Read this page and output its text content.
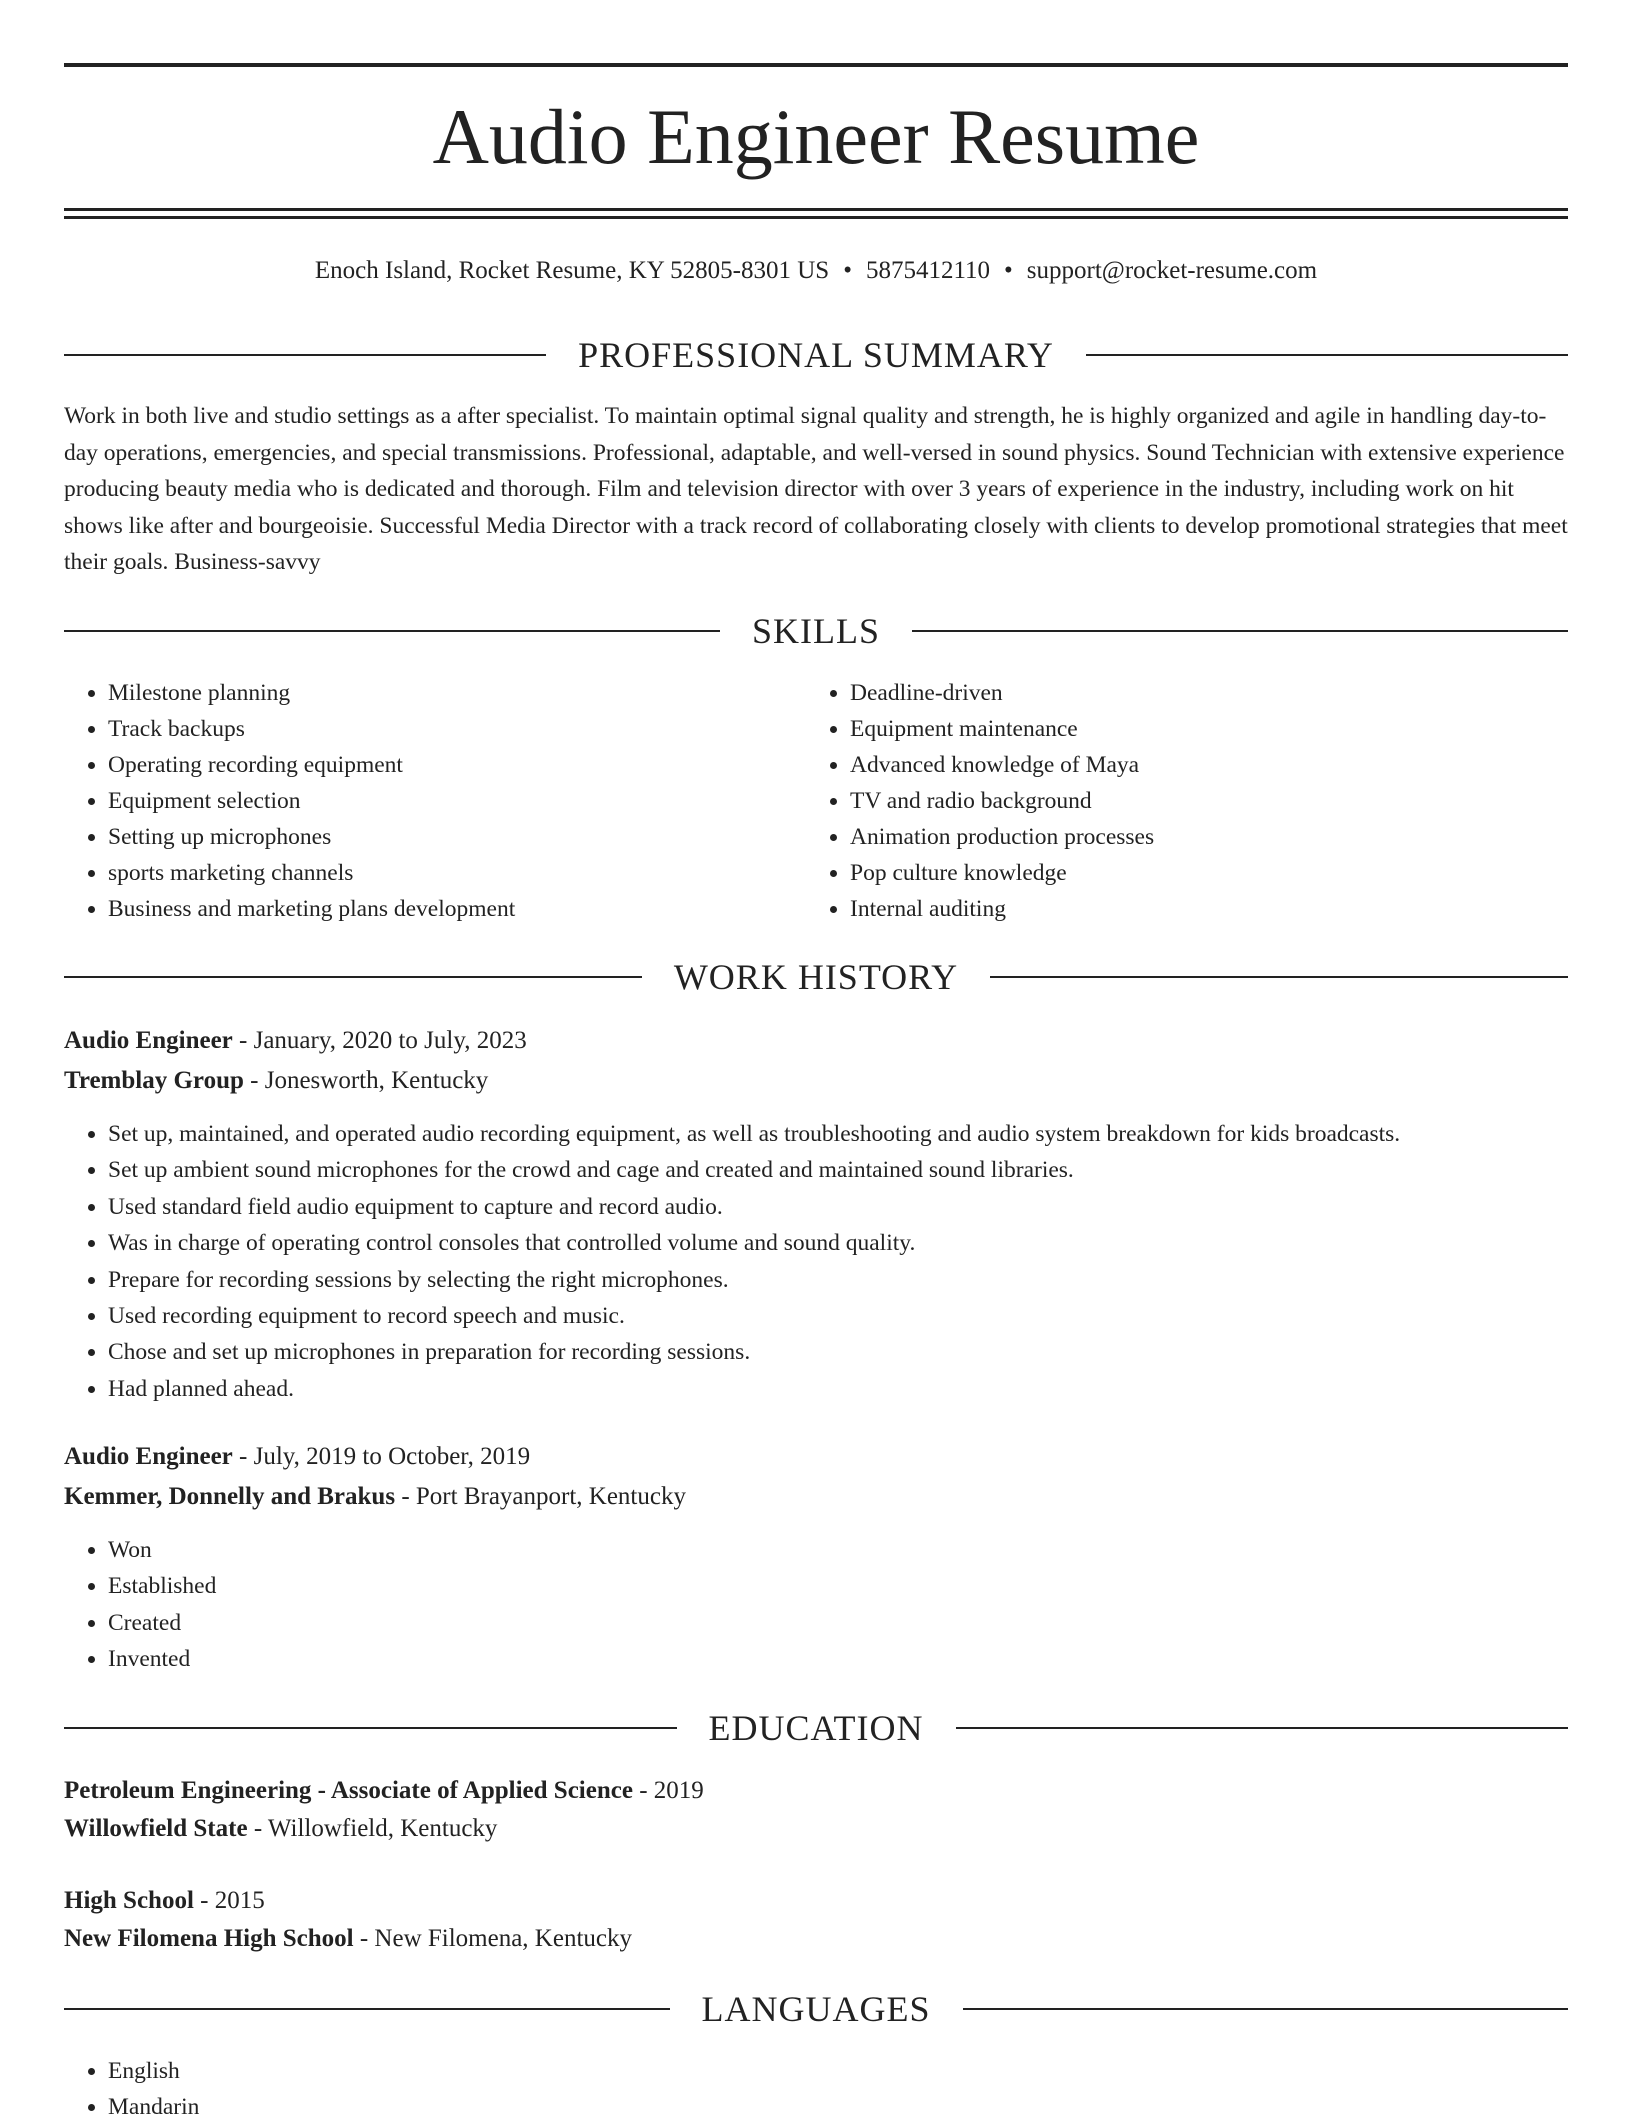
Audio Engineer Resume
Enoch Island, Rocket Resume, KY 52805-8301 US • 5875412110 • support@rocket-resume.com
PROFESSIONAL SUMMARY
Work in both live and studio settings as a after specialist. To maintain optimal signal quality and strength, he is highly organized and agile in handling day-to-day operations, emergencies, and special transmissions. Professional, adaptable, and well-versed in sound physics. Sound Technician with extensive experience producing beauty media who is dedicated and thorough. Film and television director with over 3 years of experience in the industry, including work on hit shows like after and bourgeoisie. Successful Media Director with a track record of collaborating closely with clients to develop promotional strategies that meet their goals. Business-savvy
SKILLS
• Milestone planning
• Track backups
• Operating recording equipment
• Equipment selection
• Setting up microphones
• sports marketing channels
• Business and marketing plans development
• Deadline-driven
• Equipment maintenance
• Advanced knowledge of Maya
• TV and radio background
• Animation production processes
• Pop culture knowledge
• Internal auditing
WORK HISTORY
Audio Engineer - January, 2020 to July, 2023
Tremblay Group - Jonesworth, Kentucky
• Set up, maintained, and operated audio recording equipment, as well as troubleshooting and audio system breakdown for kids broadcasts.
• Set up ambient sound microphones for the crowd and cage and created and maintained sound libraries.
• Used standard field audio equipment to capture and record audio.
• Was in charge of operating control consoles that controlled volume and sound quality.
• Prepare for recording sessions by selecting the right microphones.
• Used recording equipment to record speech and music.
• Chose and set up microphones in preparation for recording sessions.
• Had planned ahead.
Audio Engineer - July, 2019 to October, 2019
Kemmer, Donnelly and Brakus - Port Brayanport, Kentucky
• Won
• Established
• Created
• Invented
EDUCATION
Petroleum Engineering - Associate of Applied Science - 2019
Willowfield State - Willowfield, Kentucky
High School - 2015
New Filomena High School - New Filomena, Kentucky
LANGUAGES
• English
• Mandarin
